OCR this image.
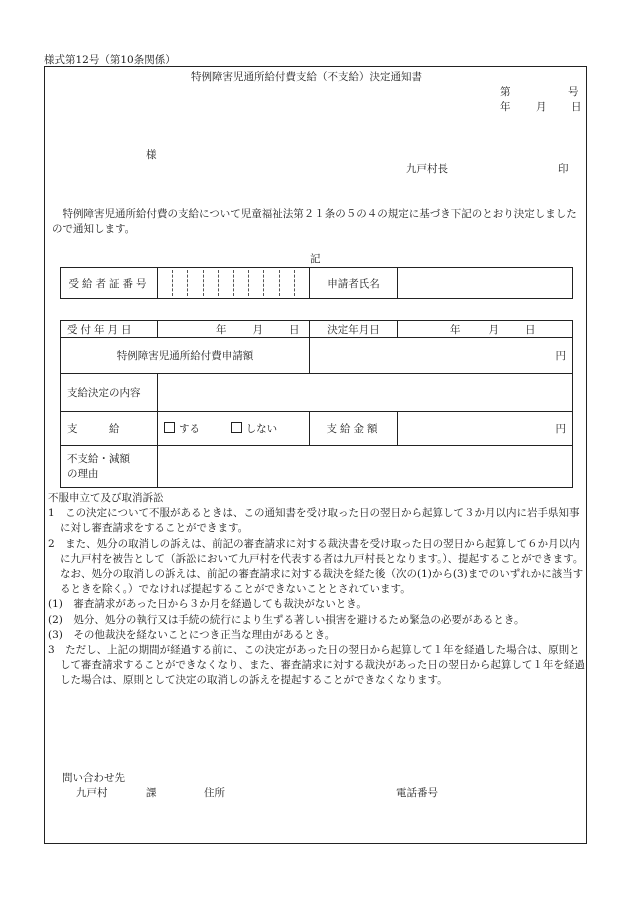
様式第12号（第10条関係）
特例障害児通所給付費支給（不支給）決定通知書
第	号
年 月 日
様
九戸村長	印
　特例障害児通所給付費の支給について児童福祉法第２１条の５の４の規定に基づき下記のとおり決定しましたので通知します。
記
受給者証番号		申請者氏名	
受付年月日	年 月 日	決定年月日	年 月 日
特例障害児通所給付費申請額		円	
支給決定の内容			
支　　　給	する しない	支給金額	円

不支給・減額
の理由			

不服申立て及び取消訴訟
1　この決定について不服があるときは、この通知書を受け取った日の翌日から起算して３か月以内に岩手県知事に対し審査請求をすることができます。
2　また、処分の取消しの訴えは、前記の審査請求に対する裁決書を受け取った日の翌日から起算して６か月以内に九戸村を被告として（訴訟において九戸村を代表する者は九戸村長となります。）、提起することができます。なお、処分の取消しの訴えは、前記の審査請求に対する裁決を経た後（次の(1)から(3)までのいずれかに該当するときを除く。）でなければ提起することができないこととされています。
(1)　審査請求があった日から３か月を経過しても裁決がないとき。
(2)　処分、処分の執行又は手続の続行により生ずる著しい損害を避けるため緊急の必要があるとき。
(3)　その他裁決を経ないことにつき正当な理由があるとき。
3　ただし、上記の期間が経過する前に、この決定があった日の翌日から起算して１年を経過した場合は、原則として審査請求することができなくなり、また、審査請求に対する裁決があった日の翌日から起算して１年を経過した場合は、原則として決定の取消しの訴えを提起することができなくなります。
問い合わせ先
九戸村	課	住所	電話番号
